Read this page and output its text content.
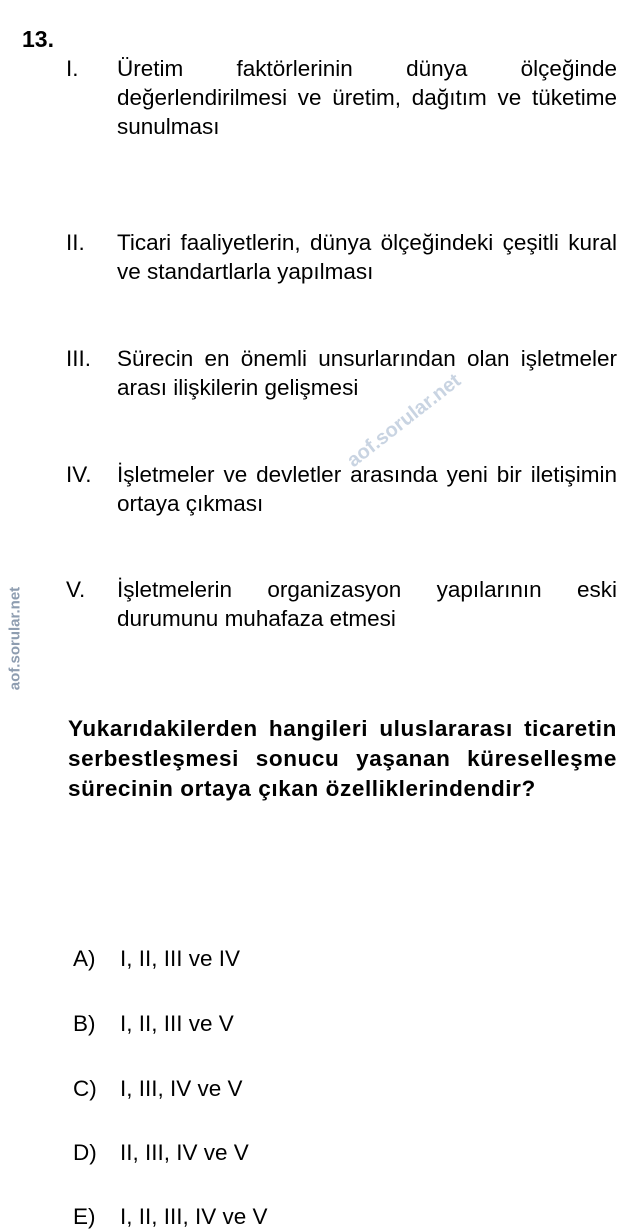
aof.sorular.net
aof.sorular.net
13.
I. Üretim faktörlerinin dünya ölçeğinde değerlendirilmesi ve üretim, dağıtım ve tüketime sunulması
II. Ticari faaliyetlerin, dünya ölçeğindeki çeşitli kural ve standartlarla yapılması
III. Sürecin en önemli unsurlarından olan işletmeler arası ilişkilerin gelişmesi
IV. İşletmeler ve devletler arasında yeni bir iletişimin ortaya çıkması
V. İşletmelerin organizasyon yapılarının eski durumunu muhafaza etmesi
Yukarıdakilerden hangileri uluslararası ticaretin serbestleşmesi sonucu yaşanan küreselleşme sürecinin ortaya çıkan özelliklerindendir?
A) I, II, III ve IV
B) I, II, III ve V
C) I, III, IV ve V
D) II, III, IV ve V
E) I, II, III, IV ve V
